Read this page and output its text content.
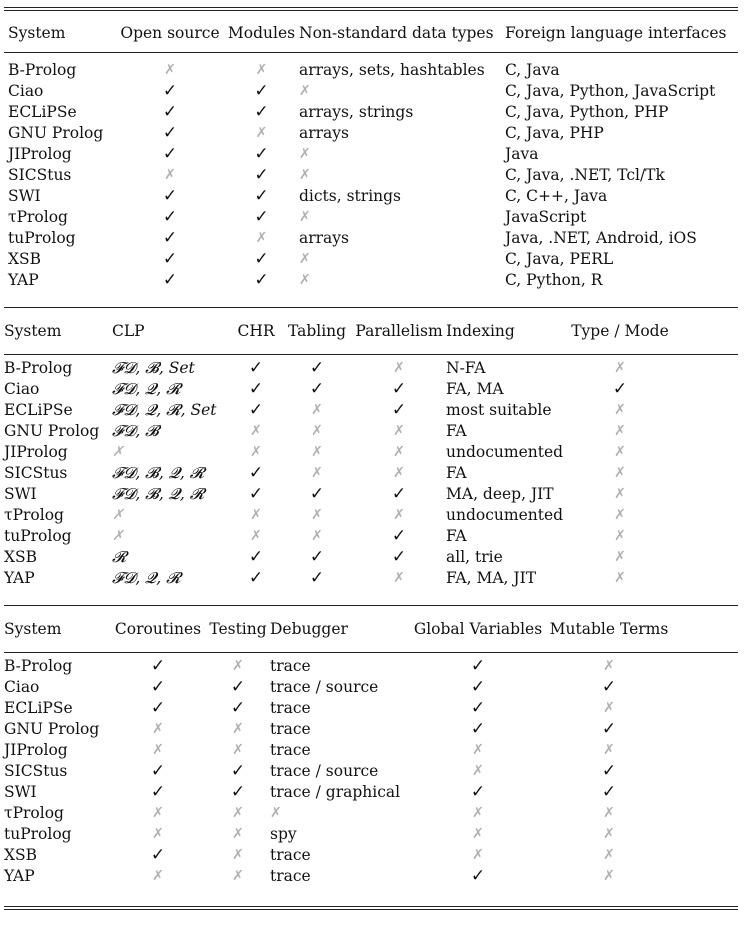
System	Open source	Modules	Non-standard data types	Foreign language interfaces
B-Prolog	✗	✗	arrays, sets, hashtables	C, Java
Ciao	✓	✓	✗	C, Java, Python, JavaScript
ECLiPSe	✓	✓	arrays, strings	C, Java, Python, PHP
GNU Prolog	✓	✗	arrays	C, Java, PHP
JIProlog	✓	✓	✗	Java
SICStus	✗	✓	✗	C, Java, .NET, Tcl/Tk
SWI	✓	✓	dicts, strings	C, C++, Java
τProlog	✓	✓	✗	JavaScript
tuProlog	✓	✗	arrays	Java, .NET, Android, iOS
XSB	✓	✓	✗	C, Java, PERL
YAP	✓	✓	✗	C, Python, R
System	CLP	CHR	Tabling	Parallelism	Indexing	Type / Mode	
B-Prolog	𝓕𝓓, 𝓑, Set	✓	✓	✗	N-FA	✗	
Ciao	𝓕𝓓, 𝓠, 𝓡	✓	✓	✓	FA, MA	✓	
ECLiPSe	𝓕𝓓, 𝓠, 𝓡, Set	✓	✗	✓	most suitable	✗	
GNU Prolog	𝓕𝓓, 𝓑	✗	✗	✗	FA	✗	
JIProlog	✗	✗	✗	✗	undocumented	✗	
SICStus	𝓕𝓓, 𝓑, 𝓠, 𝓡	✓	✗	✗	FA	✗	
SWI	𝓕𝓓, 𝓑, 𝓠, 𝓡	✓	✓	✓	MA, deep, JIT	✗	
τProlog	✗	✗	✗	✗	undocumented	✗	
tuProlog	✗	✗	✗	✓	FA	✗	
XSB	𝓡	✓	✓	✓	all, trie	✗	
YAP	𝓕𝓓, 𝓠, 𝓡	✓	✓	✗	FA, MA, JIT	✗	
System	Coroutines	Testing	Debugger	Global Variables	Mutable Terms	
B-Prolog	✓	✗	trace	✓	✗	
Ciao	✓	✓	trace / source	✓	✓	
ECLiPSe	✓	✓	trace	✓	✗	
GNU Prolog	✗	✗	trace	✓	✓	
JIProlog	✗	✗	trace	✗	✗	
SICStus	✓	✓	trace / source	✗	✓	
SWI	✓	✓	trace / graphical	✓	✓	
τProlog	✗	✗	✗	✗	✗	
tuProlog	✗	✗	spy	✗	✗	
XSB	✓	✗	trace	✗	✗	
YAP	✗	✗	trace	✓	✗	
